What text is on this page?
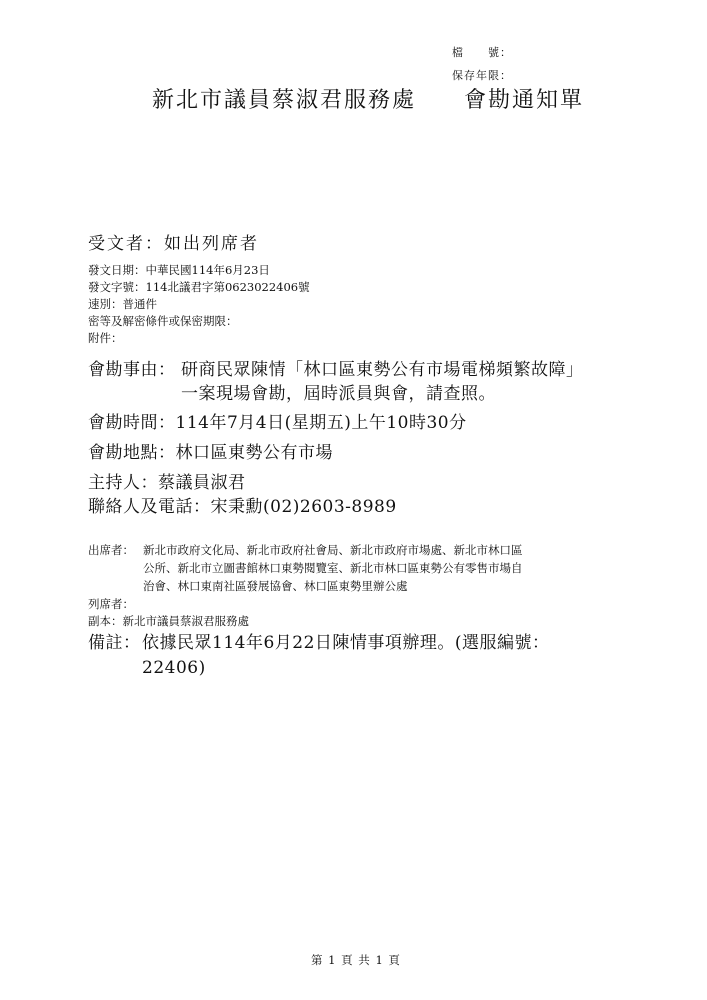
檔　　號：
保存年限：
新北市議員蔡淑君服務處　　會勘通知單
受文者：如出列席者
發文日期：中華民國114年6月23日
發文字號：114北議君字第0623022406號
速別：普通件
密等及解密條件或保密期限：
附件：
會勘事由： 研商民眾陳情「林口區東勢公有市場電梯頻繁故障」
一案現場會勘，屆時派員與會，請查照。
會勘時間：114年7月4日(星期五)上午10時30分
會勘地點：林口區東勢公有市場
主持人：蔡議員淑君
聯絡人及電話：宋秉勳(02)2603-8989
出席者： 新北市政府文化局、新北市政府社會局、新北市政府市場處、新北市林口區
公所、新北市立圖書館林口東勢閱覽室、新北市林口區東勢公有零售市場自
治會、林口東南社區發展協會、林口區東勢里辦公處
列席者：
副本：新北市議員蔡淑君服務處
備註： 依據民眾114年6月22日陳情事項辦理。(選服編號：
22406)
第 1 頁 共 1 頁
